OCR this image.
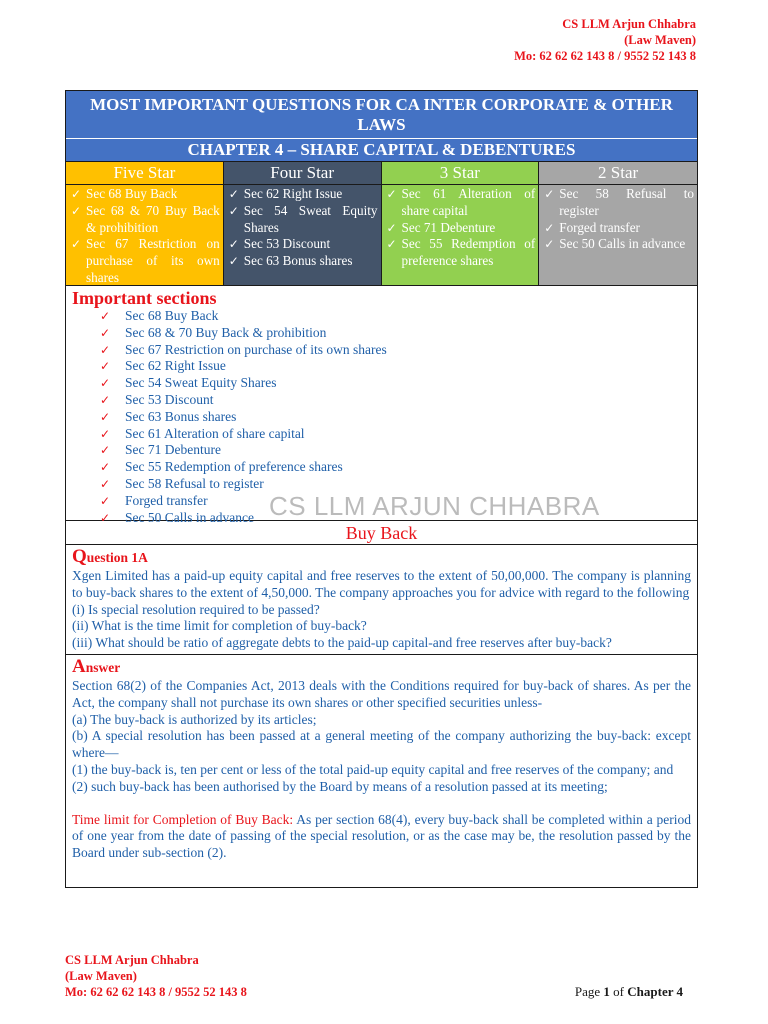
CS LLM Arjun Chhabra
(Law Maven)
Mo: 62 62 62 143 8 / 9552 52 143 8
MOST IMPORTANT QUESTIONS FOR CA INTER CORPORATE & OTHER LAWS
CHAPTER 4 – SHARE CAPITAL & DEBENTURES
Five Star
✓ Sec 68 Buy Back
✓ Sec 68 & 70 Buy Back & prohibition
✓ Sec 67 Restriction on purchase of its own shares
Four Star
✓ Sec 62 Right Issue
✓ Sec 54 Sweat Equity Shares
✓ Sec 53 Discount
✓ Sec 63 Bonus shares
3 Star
✓ Sec 61 Alteration of share capital
✓ Sec 71 Debenture
✓ Sec 55 Redemption of preference shares
2 Star
✓ Sec 58 Refusal to register
✓ Forged transfer
✓ Sec 50 Calls in advance
Important sections
✓ Sec 68 Buy Back
✓ Sec 68 & 70 Buy Back & prohibition
✓ Sec 67 Restriction on purchase of its own shares
✓ Sec 62 Right Issue
✓ Sec 54 Sweat Equity Shares
✓ Sec 53 Discount
✓ Sec 63 Bonus shares
✓ Sec 61 Alteration of share capital
✓ Sec 71 Debenture
✓ Sec 55 Redemption of preference shares
✓ Sec 58 Refusal to register
✓ Forged transfer
✓ Sec 50 Calls in advance CS LLM ARJUN CHHABRA
Buy Back
Question 1A
Xgen Limited has a paid-up equity capital and free reserves to the extent of 50,00,000. The company is planning to buy-back shares to the extent of 4,50,000. The company approaches you for advice with regard to the following
(i) Is special resolution required to be passed?
(ii) What is the time limit for completion of buy-back?
(iii) What should be ratio of aggregate debts to the paid-up capital-and free reserves after buy-back?
Answer
Section 68(2) of the Companies Act, 2013 deals with the Conditions required for buy-back of shares. As per the Act, the company shall not purchase its own shares or other specified securities unless-
(a) The buy-back is authorized by its articles;
(b) A special resolution has been passed at a general meeting of the company authorizing the buy-back: except where—
(1) the buy-back is, ten per cent or less of the total paid-up equity capital and free reserves of the company; and
(2) such buy-back has been authorised by the Board by means of a resolution passed at its meeting;
Time limit for Completion of Buy Back: As per section 68(4), every buy-back shall be completed within a period of one year from the date of passing of the special resolution, or as the case may be, the resolution passed by the Board under sub-section (2).
CS LLM Arjun Chhabra
(Law Maven)
Mo: 62 62 62 143 8 / 9552 52 143 8	Page 1 of Chapter 4
